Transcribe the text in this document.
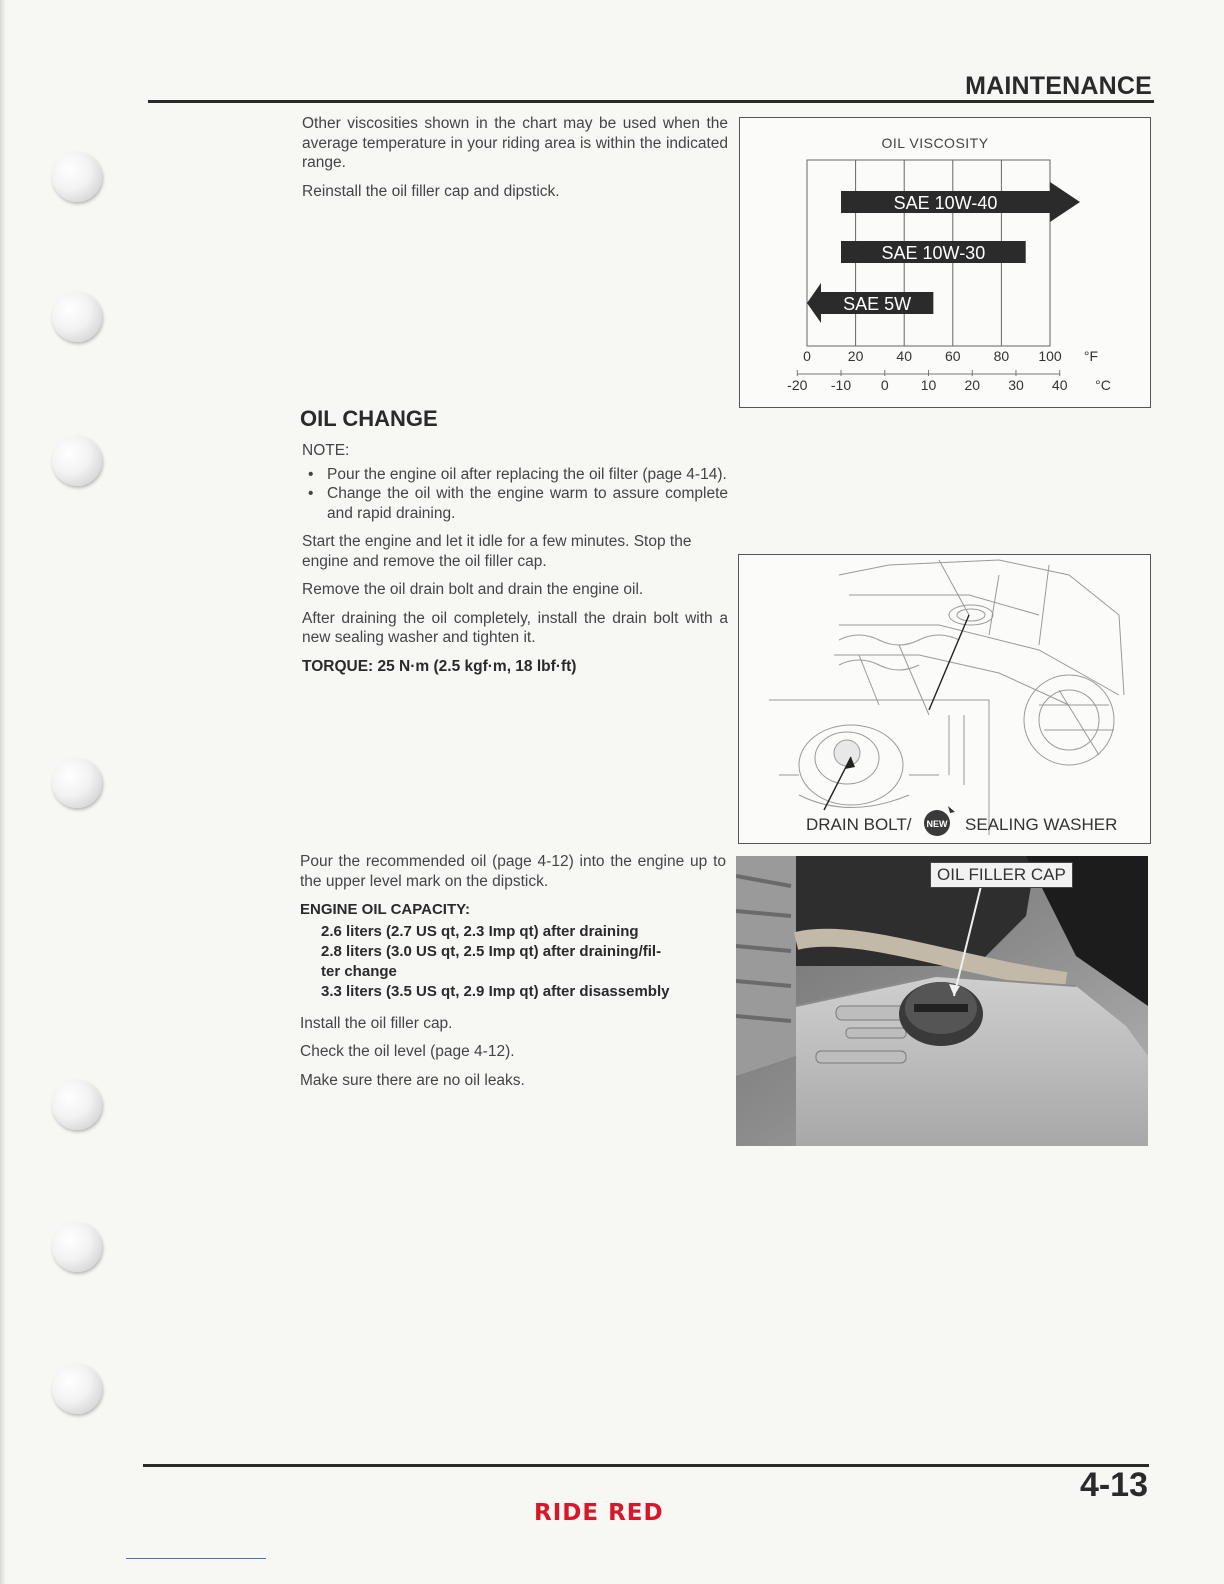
MAINTENANCE

Other viscosities shown in the chart may be used when the average temperature in your riding area is within the indicated range.

Reinstall the oil filler cap and dipstick.

OIL VISCOSITY
SAE 10W-40
SAE 10W-30
SAE 5W
0	20 40 60 80 100
-20 -10 0 10 20 30 40
°F
°C
OIL CHANGE
NOTE:
• Pour the engine oil after replacing the oil filter (page 4-14).
• Change the oil with the engine warm to assure complete and rapid draining.

Start the engine and let it idle for a few minutes. Stop the engine and remove the oil filler cap.

Remove the oil drain bolt and drain the engine oil.

After draining the oil completely, install the drain bolt with a new sealing washer and tighten it.

TORQUE: 25 N·m (2.5 kgf·m, 18 lbf·ft)

DRAIN BOLT/ NEW SEALING WASHER

Pour the recommended oil (page 4-12) into the engine up to the upper level mark on the dipstick.

ENGINE OIL CAPACITY:
2.6 liters (2.7 US qt, 2.3 Imp qt) after draining
2.8 liters (3.0 US qt, 2.5 Imp qt) after draining/fil-
ter change
3.3 liters (3.5 US qt, 2.9 Imp qt) after disassembly

Install the oil filler cap.

Check the oil level (page 4-12).

Make sure there are no oil leaks.

OIL FILLER CAP
4-13
RIDE RED
